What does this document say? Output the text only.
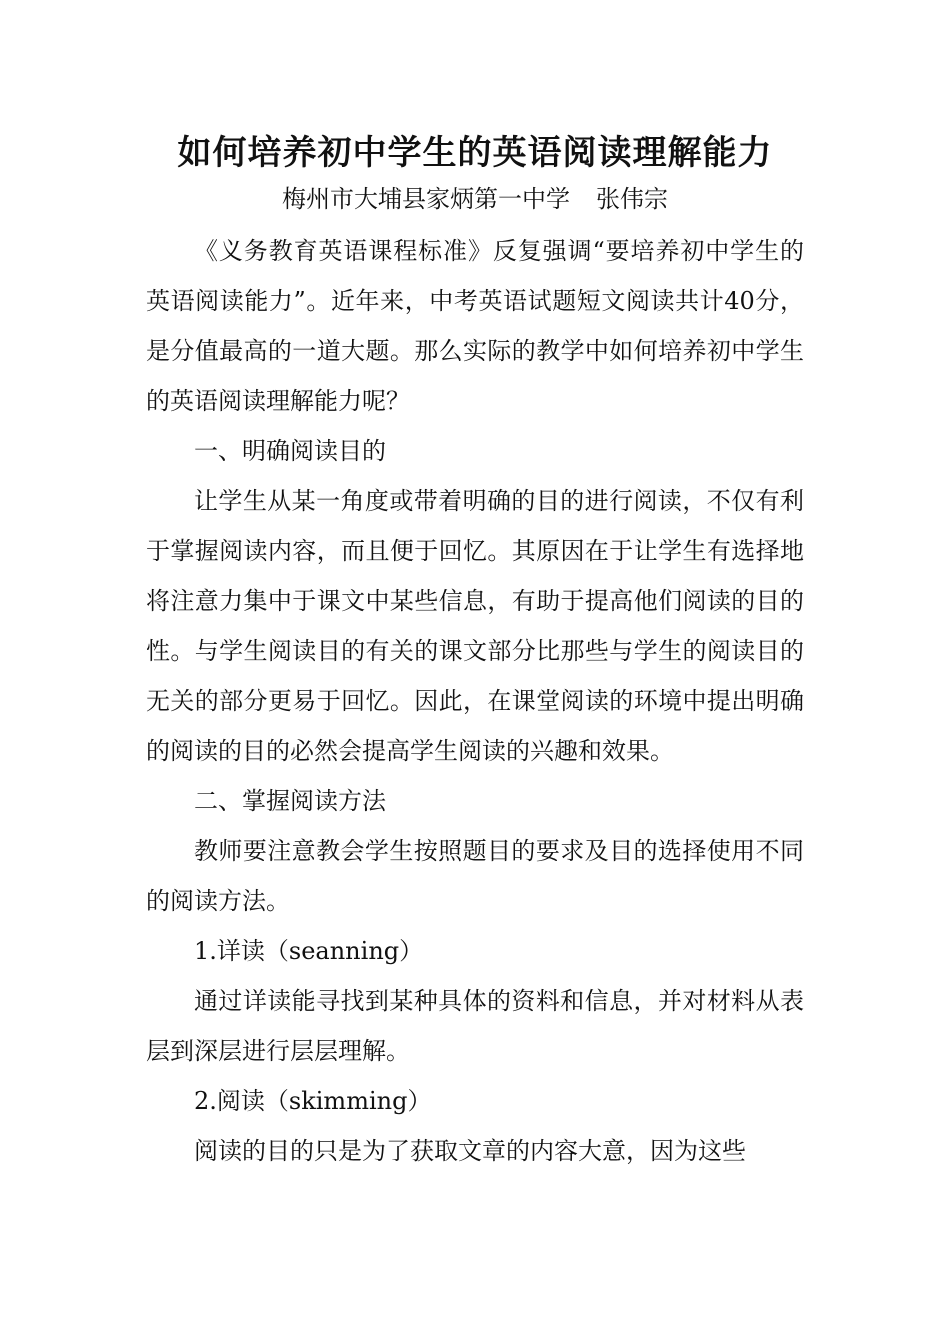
如何培养初中学生的英语阅读理解能力
梅州市大埔县家炳第一中学 张伟宗

《义务教育英语课程标准》反复强调“要培养初中学生的英语阅读能力”。近年来，中考英语试题短文阅读共计40分，是分值最高的一道大题。那么实际的教学中如何培养初中学生的英语阅读理解能力呢？

一、明确阅读目的

让学生从某一角度或带着明确的目的进行阅读，不仅有利于掌握阅读内容，而且便于回忆。其原因在于让学生有选择地将注意力集中于课文中某些信息，有助于提高他们阅读的目的性。与学生阅读目的有关的课文部分比那些与学生的阅读目的无关的部分更易于回忆。因此，在课堂阅读的环境中提出明确的阅读的目的必然会提高学生阅读的兴趣和效果。

二、掌握阅读方法

教师要注意教会学生按照题目的要求及目的选择使用不同的阅读方法。

1.详读（seanning）

通过详读能寻找到某种具体的资料和信息，并对材料从表层到深层进行层层理解。

2.阅读（skimming）

阅读的目的只是为了获取文章的内容大意，因为这些
